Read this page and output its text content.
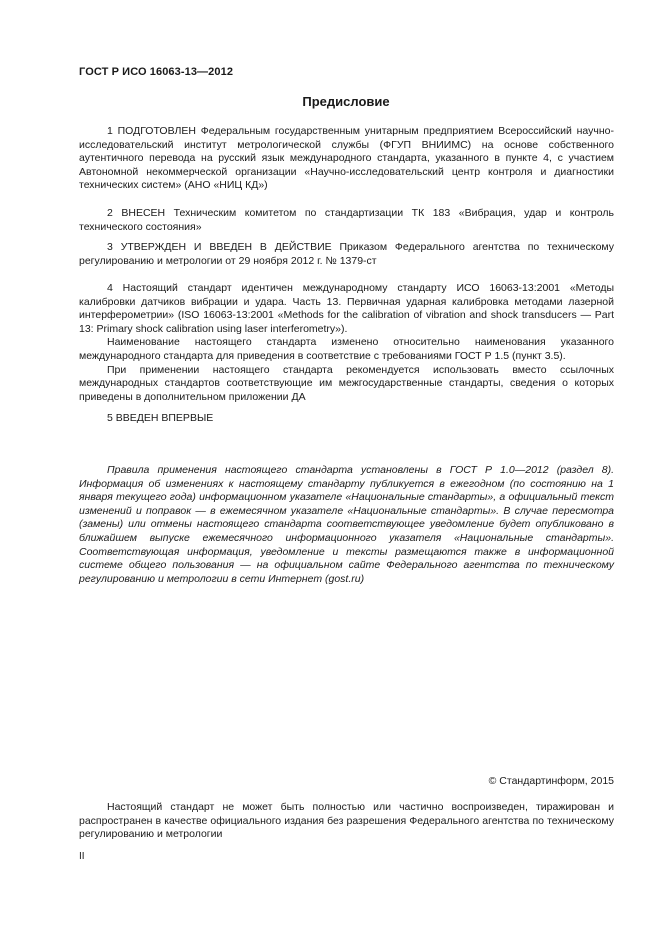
ГОСТ Р ИСО 16063-13—2012
Предисловие

1 ПОДГОТОВЛЕН Федеральным государственным унитарным предприятием Всероссийский научно-исследовательский институт метрологической службы (ФГУП ВНИИМС) на основе собственного аутентичного перевода на русский язык международного стандарта, указанного в пункте 4, с участием Автономной некоммерческой организации «Научно-исследовательский центр контроля и диагностики технических систем» (АНО «НИЦ КД»)

2 ВНЕСЕН Техническим комитетом по стандартизации ТК 183 «Вибрация, удар и контроль технического состояния»

3 УТВЕРЖДЕН И ВВЕДЕН В ДЕЙСТВИЕ Приказом Федерального агентства по техническому регулированию и метрологии от 29 ноября 2012 г. № 1379-ст

4 Настоящий стандарт идентичен международному стандарту ИСО 16063-13:2001 «Методы калибровки датчиков вибрации и удара. Часть 13. Первичная ударная калибровка методами лазерной интерферометрии» (ISO 16063-13:2001 «Methods for the calibration of vibration and shock transducers — Part 13: Primary shock calibration using laser interferometry»).

Наименование настоящего стандарта изменено относительно наименования указанного международного стандарта для приведения в соответствие с требованиями ГОСТ Р 1.5 (пункт 3.5).

При применении настоящего стандарта рекомендуется использовать вместо ссылочных международных стандартов соответствующие им межгосударственные стандарты, сведения о которых приведены в дополнительном приложении ДА

5 ВВЕДЕН ВПЕРВЫЕ

Правила применения настоящего стандарта установлены в ГОСТ Р 1.0—2012 (раздел 8). Информация об изменениях к настоящему стандарту публикуется в ежегодном (по состоянию на 1 января текущего года) информационном указателе «Национальные стандарты», а официальный текст изменений и поправок — в ежемесячном указателе «Национальные стандарты». В случае пересмотра (замены) или отмены настоящего стандарта соответствующее уведомление будет опубликовано в ближайшем выпуске ежемесячного информационного указателя «Национальные стандарты». Соответствующая информация, уведомление и тексты размещаются также в информационной системе общего пользования — на официальном сайте Федерального агентства по техническому регулированию и метрологии в сети Интернет (gost.ru)

© Стандартинформ, 2015

Настоящий стандарт не может быть полностью или частично воспроизведен, тиражирован и распространен в качестве официального издания без разрешения Федерального агентства по техническому регулированию и метрологии

II
